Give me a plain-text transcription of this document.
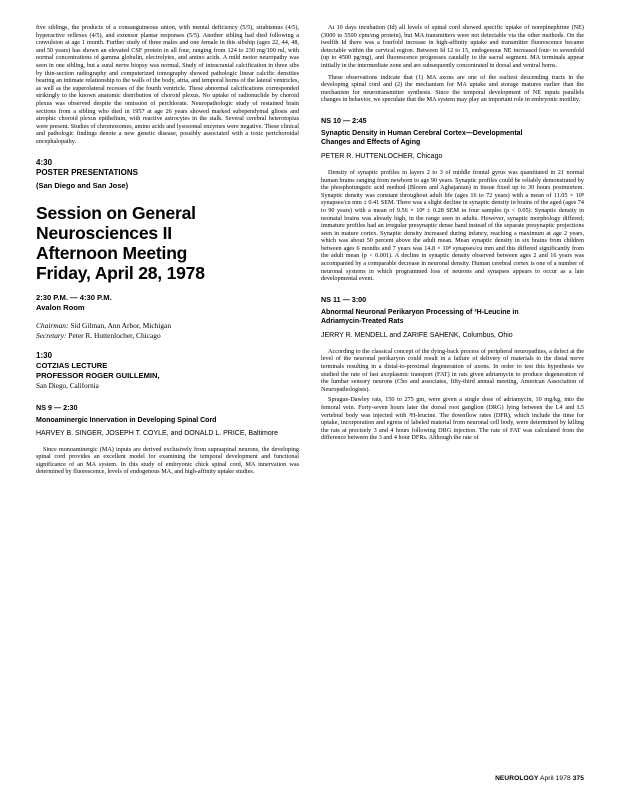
five siblings, the products of a consanguineous union, with mental deficiency (5/5), strabismus (4/5), hyperactive reflexes (4/5), and extensor plantar responses (5/5). Another sibling had died following a convulsion at age 1 month. Further study of three males and one female in this sibship (ages 22, 44, 48, and 50 years) has shown an elevated CSF protein in all four, ranging from 124 to 230 mg/100 ml, with normal concentrations of gamma globulin, electrolytes, and amino acids. A mild motor neuropathy was seen in one sibling, but a sural nerve biopsy was normal. Study of intracranial calcification in three sibs by thin-section radiography and computerized tomography showed pathologic linear calcific densities bearing an intimate relationship to the walls of the body, atria, and temporal horns of the lateral ventricles, as well as the superolateral recesses of the fourth ventricle. These abnormal calcifications corresponded strikingly to the known anatomic distribution of choroid plexus. No uptake of radionuclide by choroid plexus was observed despite the omission of perchlorate. Neuropathologic study of restained brain sections from a sibling who died in 1957 at age 26 years showed marked subependymal gliosis and atrophic choroid plexus epithelium, with reactive astrocytes in the stalk. Several cerebral heterotopias were present. Studies of chromosomes, amino acids and lysosomal enzymes were negative. These clinical and pathologic findings denote a new genetic disease, possibly associated with a toxic perichoroidal encephalopathy.

4:30

POSTER PRESENTATIONS

(San Diego and San Jose)

Session on General

Neurosciences II

Afternoon Meeting

Friday, April 28, 1978

2:30 P.M. — 4:30 P.M.

Avalon Room

Chairman: Sid Gilman, Ann Arbor, Michigan

Secretary: Peter R. Huttenlocher, Chicago

1:30

COTZIAS LECTURE

PROFESSOR ROGER GUILLEMIN,

San Diego, California

NS 9 — 2:30

Monoaminergic Innervation in Developing Spinal Cord

HARVEY B. SINGER, JOSEPH T. COYLE, and DONALD L. PRICE, Baltimore

Since monoaminergic (MA) inputs are derived exclusively from supraspinal neurons, the developing spinal cord provides an excellent model for examining the temporal development and functional significance of an MA system. In this study of embryonic chick spinal cord, MA innervation was determined by fluorescence, levels of endogenous MA, and high-affinity uptake studies.

At 10 days incubation (Id) all levels of spinal cord showed specific uptake of norepinephrine (NE) (3000 to 5500 cpm/mg protein), but MA transmitters were not detectable via the other methods. On the twelfth Id there was a fourfold increase in high-affinity uptake and transmitter fluorescence became detectable within the cervical region. Between Id 12 to 15, endogenous NE increased four- to sevenfold (up to 4500 pg/mg), and fluorescence progresses caudally to the sacral segment. MA terminals appear initially in the intermediate zone and are subsequently concentrated in dorsal and ventral horns.

These observations indicate that (1) MA axons are one of the earliest descending tracts in the developing spinal cord and (2) the mechanism for MA uptake and storage matures earlier than the mechanism for neurotransmitter synthesis. Since the temporal development of NE inputs parallels changes in behavior, we speculate that the MA system may play an important role in embryonic motility.

NS 10 — 2:45

Synaptic Density in Human Cerebral Cortex—Developmental

Changes and Effects of Aging

PETER R. HUTTENLOCHER, Chicago

Density of synaptic profiles in layers 2 to 3 of middle frontal gyrus was quantitated in 21 normal human brains ranging from newborn to age 90 years. Synaptic profiles could be reliably demonstrated by the phosphotungstic acid method (Bloom and Aghajanian) in tissue fixed up to 30 hours postmortem. Synaptic density was constant throughout adult life (ages 16 to 72 years) with a mean of 11.05 × 10⁸ synapses/cu mm ± 0.41 SEM. There was a slight decline in synaptic density in brains of the aged (ages 74 to 90 years) with a mean of 9.56 × 10⁸ ± 0.28 SEM in four samples (p < 0.05). Synaptic density in neonatal brains was already high, in the range seen in adults. However, synaptic morphology differed; immature profiles had an irregular presynaptic dense band instead of the separate presynaptic projections seen in mature cortex. Synaptic density increased during infancy, reaching a maximum at age 2 years, which was about 50 percent above the adult mean. Mean synaptic density in six brains from children between ages 6 months and 7 years was 14.8 × 10⁸ synapses/cu mm and this differed significantly from the adult mean (p < 0.001). A decline in synaptic density observed between ages 2 and 16 years was accompanied by a comparable decrease in neuronal density. Human cerebral cortex is one of a number of neuronal systems in which programmed loss of neurons and synapses appears to occur as a late developmental event.

NS 11 — 3:00

Abnormal Neuronal Perikaryon Processing of ³H-Leucine in

Adriamycin-Treated Rats

JERRY R. MENDELL and ZARIFE SAHENK, Columbus, Ohio

According to the classical concept of the dying-back process of peripheral neuropathies, a defect at the level of the neuronal perikaryon could result in a failure of delivery of materials to the distal nerve terminals resulting in a distal-to-proximal degeneration of axons. In order to test this hypothesis we studied the rate of fast axoplasmic transport (FAT) in rats given adriamycin to produce degeneration of the lumbar sensory neurons (Cho and associates, fifty-third annual meeting, American Association of Neuropathologists).

Sprague-Dawley rats, 150 to 275 gm, were given a single dose of adriamycin, 10 mg/kg, into the femoral vein. Forty-seven hours later the dorsal root ganglion (DRG) lying between the L4 and L5 vertebral body was injected with ³H-leucine. The downflow rates (DFR), which include the time for uptake, incorporation and egress of labeled material from neuronal cell body, were determined by killing the rats at precisely 3 and 4 hours following DRG injection. The rate of FAT was calculated from the difference between the 3 and 4 hour DFRs. Although the rate of

NEUROLOGY April 1978 375
